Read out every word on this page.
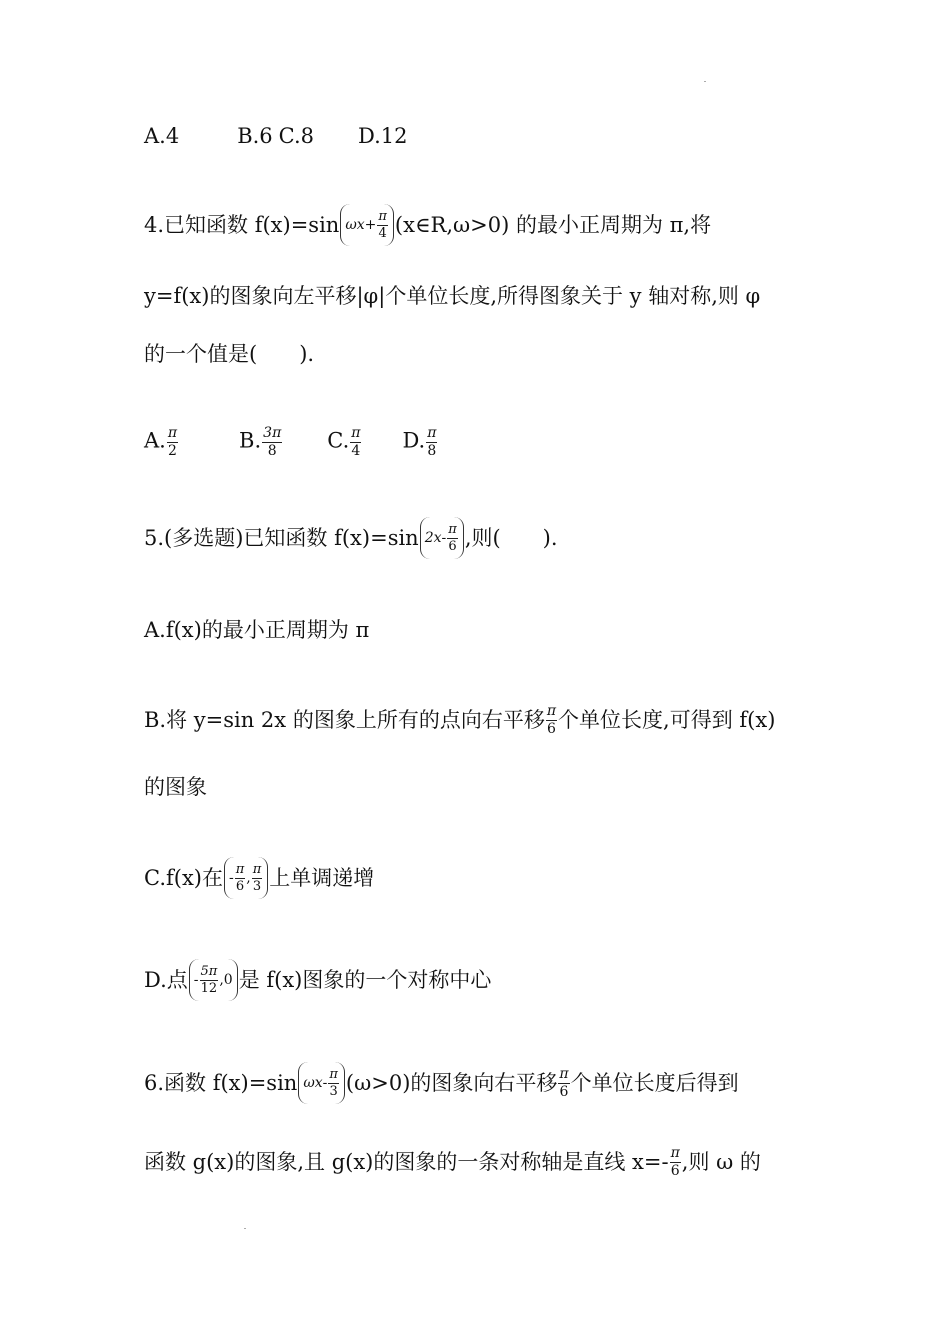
A.4	B.6 C.8 D.12
4.已知函数 f(x)=sin $\omega x + \frac{\pi}{4}$ (x∈R,ω>0) 的最小正周期为 π,将
y=f(x)的图象向左平移|φ|个单位长度,所得图象关于 y 轴对称,则 φ
的一个值是(　　).
A. $\frac{\pi}{2}$	B. $\frac{3\pi}{8} C$. $\frac{\pi}{4} D$. $\frac{\pi}{8}$
5.(多选题)已知函数 f(x)=sin $2x - \frac{\pi}{6}$ ,则(　　).
A.f(x)的最小正周期为 π
B.将 y=sin 2x 的图象上所有的点向右平移 $\frac{\pi}{6}$ 个单位长度,可得到 f(x)
的图象
C.f(x)在 - $\frac{\pi}{6}$ , $\frac{\pi}{3}$ 上单调递增
D.点 - $\frac{5\pi}{12} ,0$ 是 f(x)图象的一个对称中心
6.函数 f(x)=sin $\omega x - \frac{\pi}{3} (\omega>0)$的图象向右平移 $\frac{\pi}{6}$ 个单位长度后得到
函数 g(x)的图象,且 g(x)的图象的一条对称轴是直线 $x=- \frac{\pi}{6}$ ,则 ω 的
